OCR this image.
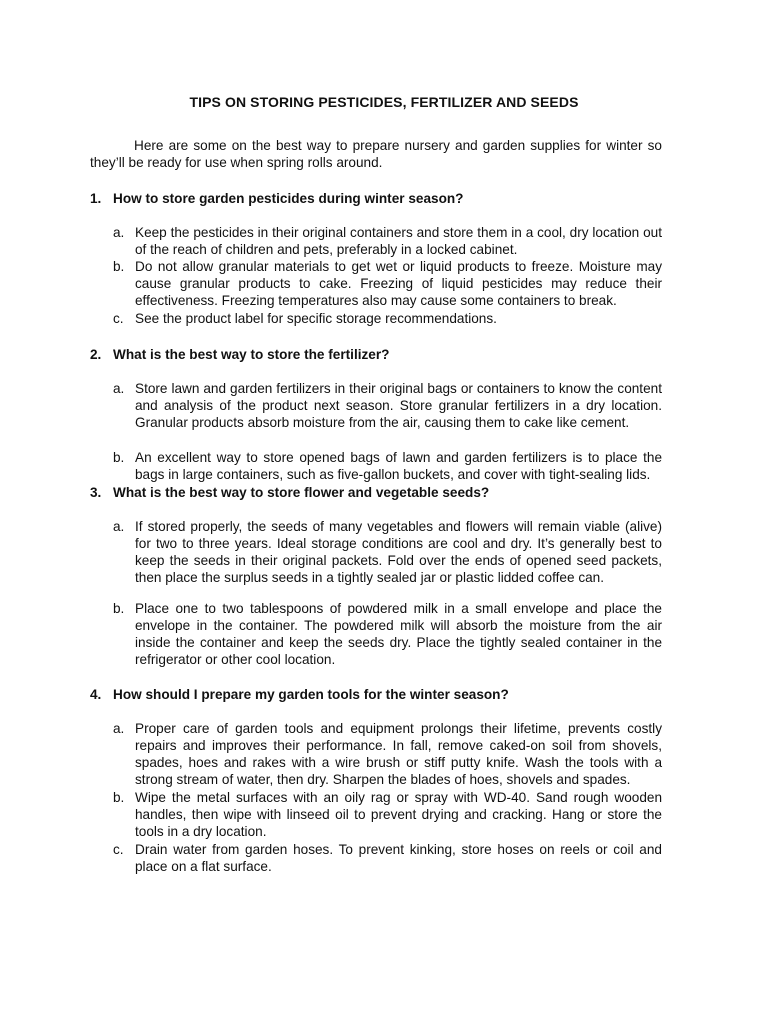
TIPS ON STORING PESTICIDES, FERTILIZER AND SEEDS
Here are some on the best way to prepare nursery and garden supplies for winter so they’ll be ready for use when spring rolls around.
1. How to store garden pesticides during winter season?
a. Keep the pesticides in their original containers and store them in a cool, dry location out of the reach of children and pets, preferably in a locked cabinet.
b. Do not allow granular materials to get wet or liquid products to freeze. Moisture may cause granular products to cake. Freezing of liquid pesticides may reduce their effectiveness. Freezing temperatures also may cause some containers to break.
c. See the product label for specific storage recommendations.
2. What is the best way to store the fertilizer?
a. Store lawn and garden fertilizers in their original bags or containers to know the content and analysis of the product next season. Store granular fertilizers in a dry location. Granular products absorb moisture from the air, causing them to cake like cement.
b. An excellent way to store opened bags of lawn and garden fertilizers is to place the bags in large containers, such as five-gallon buckets, and cover with tight-sealing lids.
3. What is the best way to store flower and vegetable seeds?
a. If stored properly, the seeds of many vegetables and flowers will remain viable (alive) for two to three years. Ideal storage conditions are cool and dry. It’s generally best to keep the seeds in their original packets. Fold over the ends of opened seed packets, then place the surplus seeds in a tightly sealed jar or plastic lidded coffee can.
b. Place one to two tablespoons of powdered milk in a small envelope and place the envelope in the container. The powdered milk will absorb the moisture from the air inside the container and keep the seeds dry. Place the tightly sealed container in the refrigerator or other cool location.
4. How should I prepare my garden tools for the winter season?
a. Proper care of garden tools and equipment prolongs their lifetime, prevents costly repairs and improves their performance. In fall, remove caked-on soil from shovels, spades, hoes and rakes with a wire brush or stiff putty knife. Wash the tools with a strong stream of water, then dry. Sharpen the blades of hoes, shovels and spades.
b. Wipe the metal surfaces with an oily rag or spray with WD-40. Sand rough wooden handles, then wipe with linseed oil to prevent drying and cracking. Hang or store the tools in a dry location.
c. Drain water from garden hoses. To prevent kinking, store hoses on reels or coil and place on a flat surface.
